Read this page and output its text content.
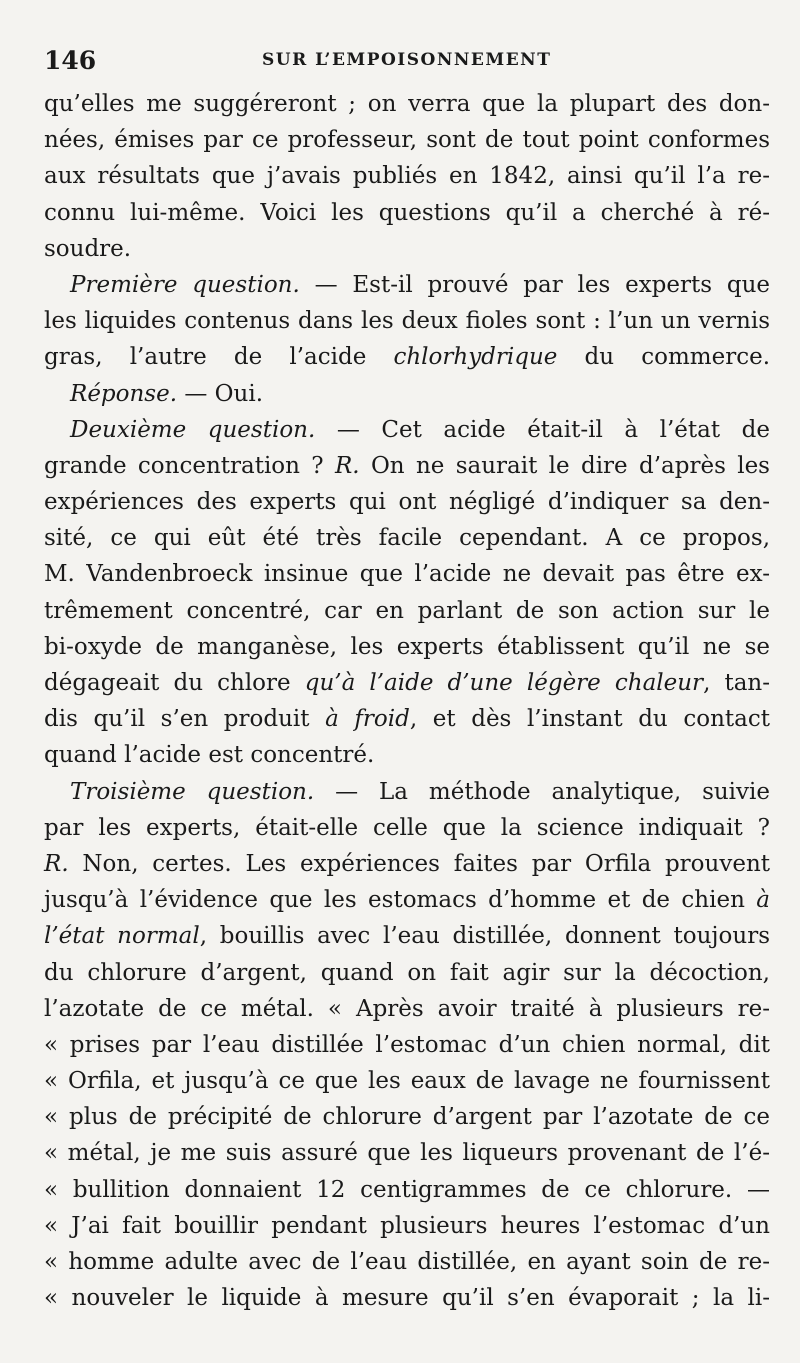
146	SUR L’EMPOISONNEMENT
qu’elles me suggéreront ; on verra que la plupart des don-
nées, émises par ce professeur, sont de tout point conformes
aux résultats que j’avais publiés en 1842, ainsi qu’il l’a re-
connu lui-même. Voici les questions qu’il a cherché à ré-
soudre.
Première question. — Est-il prouvé par les experts que
les liquides contenus dans les deux fioles sont : l’un un vernis
gras, l’autre de l’acide chlorhydrique du commerce.
Réponse. — Oui.
Deuxième question. — Cet acide était-il à l’état de
grande concentration ? R. On ne saurait le dire d’après les
expériences des experts qui ont négligé d’indiquer sa den-
sité, ce qui eût été très facile cependant. A ce propos,
M. Vandenbroeck insinue que l’acide ne devait pas être ex-
trêmement concentré, car en parlant de son action sur le
bi-oxyde de manganèse, les experts établissent qu’il ne se
dégageait du chlore qu’à l’aide d’une légère chaleur, tan-
dis qu’il s’en produit à froid, et dès l’instant du contact
quand l’acide est concentré.
Troisième question. — La méthode analytique, suivie
par les experts, était-elle celle que la science indiquait ?
R. Non, certes. Les expériences faites par Orfila prouvent
jusqu’à l’évidence que les estomacs d’homme et de chien à
l’état normal, bouillis avec l’eau distillée, donnent toujours
du chlorure d’argent, quand on fait agir sur la décoction,
l’azotate de ce métal. « Après avoir traité à plusieurs re-
« prises par l’eau distillée l’estomac d’un chien normal, dit
« Orfila, et jusqu’à ce que les eaux de lavage ne fournissent
« plus de précipité de chlorure d’argent par l’azotate de ce
« métal, je me suis assuré que les liqueurs provenant de l’é-
« bullition donnaient 12 centigrammes de ce chlorure. —
« J’ai fait bouillir pendant plusieurs heures l’estomac d’un
« homme adulte avec de l’eau distillée, en ayant soin de re-
« nouveler le liquide à mesure qu’il s’en évaporait ; la li-
